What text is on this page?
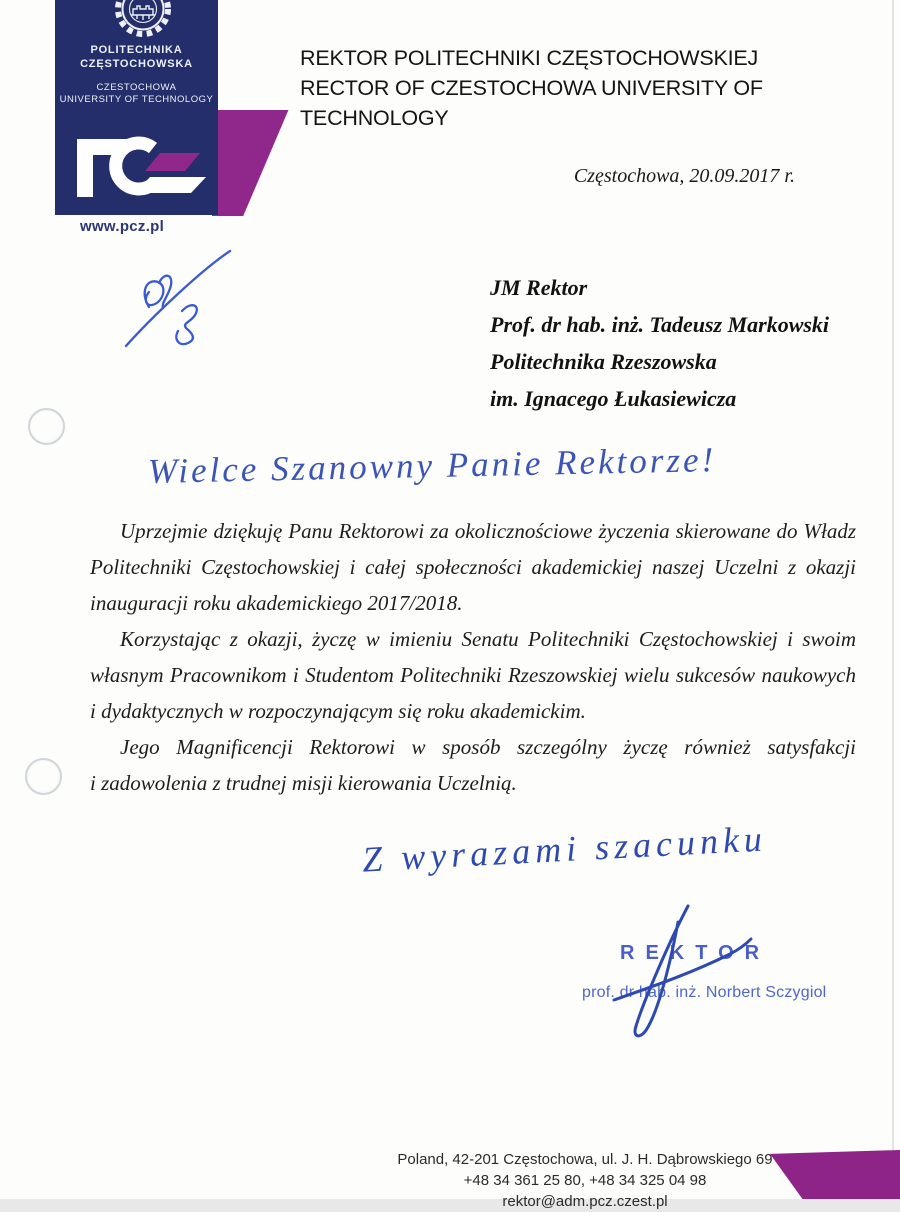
POLITECHNIKA
CZĘSTOCHOWSKA
CZESTOCHOWA
UNIVERSITY OF TECHNOLOGY
www.pcz.pl
REKTOR POLITECHNIKI CZĘSTOCHOWSKIEJ
RECTOR OF CZESTOCHOWA UNIVERSITY OF TECHNOLOGY
Częstochowa, 20.09.2017 r.
JM Rektor
Prof. dr hab. inż. Tadeusz Markowski
Politechnika Rzeszowska
im. Ignacego Łukasiewicza
Wielce Szanowny Panie Rektorze!
Uprzejmie dziękuję Panu Rektorowi za okolicznościowe życzenia skierowane do Władz
Politechniki Częstochowskiej i całej społeczności akademickiej naszej Uczelni z okazji
inauguracji roku akademickiego 2017/2018.
Korzystając z okazji, życzę w imieniu Senatu Politechniki Częstochowskiej i swoim
własnym Pracownikom i Studentom Politechniki Rzeszowskiej wielu sukcesów naukowych
i dydaktycznych w rozpoczynającym się roku akademickim.
Jego Magnificencji Rektorowi w sposób szczególny życzę również satysfakcji
i zadowolenia z trudnej misji kierowania Uczelnią.
Z wyrazami szacunku
REKTOR
prof. dr hab. inż. Norbert Sczygiol
Poland, 42-201 Częstochowa, ul. J. H. Dąbrowskiego 69
+48 34 361 25 80, +48 34 325 04 98
rektor@adm.pcz.czest.pl
